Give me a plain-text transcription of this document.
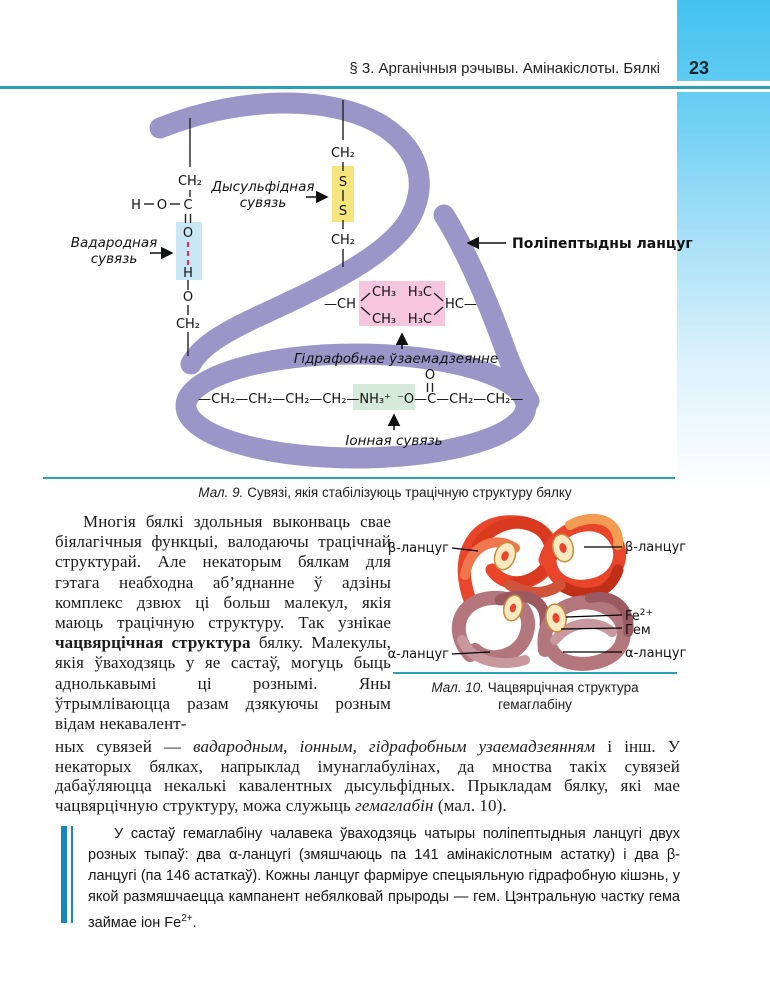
§ 3. Арганічныя рэчывы. Амінакіслоты. Бялкі 23
CH₂
H O C
O
H
O
CH₂
Вадародная
сувязь
CH₂
S
S
CH₂
Дысульфідная
сувязь
Поліпептыдны ланцуг
—CH
CH₃
CH₃
H₃C
H₃C
HC—
Гідрафобнае ўзаемадзеянне
—CH₂—CH₂—CH₂—CH₂—NH₃⁺ ⁻O—C—CH₂—CH₂—
O
Іонная сувязь
Мал. 9. Сувязі, якія стабілізуюць трацічную структуру бялку
Многія бялкі здольныя выконваць свае біялагічныя функцыі, валодаючы трацічнай структурай. Але некаторым бялкам для гэтага неабходна аб’яднанне ў адзіны комплекс дзвюх ці больш малекул, якія маюць трацічную структуру. Так узнікае чацвярцічная структура бялку. Малекулы, якія ўваходзяць у яе састаў, могуць быць аднолькавымі ці рознымі. Яны ўтрымліваюцца разам дзякуючы розным відам некавалент-
β-ланцуг	β-ланцуг
$Fe^{2+}$
Гем
α-ланцуг	α-ланцуг
Мал. 10. Чацвярцічная структура
гемаглабіну
ных сувязей — вадародным, іонным, гідрафобным узаемадзеянням і інш. У некаторых бялках, напрыклад імунаглабулінах, да мноства такіх сувязей дабаўляюцца некалькі кавалентных дысульфідных. Прыкладам бялку, які мае чацвярцічную структуру, можа служыць гемаглабін (мал. 10).
У састаў гемаглабіну чалавека ўваходзяць чатыры поліпептыдныя ланцугі двух розных тыпаў: два α-ланцугі (змяшчаюць па 141 амінакіслотным астатку) і два β-ланцугі (па 146 астаткаў). Кожны ланцуг фарміруе спецыяльную гідрафобную кішэнь, у якой размяшчаецца кампанент небялковай прыроды — гем. Цэнтральную частку гема займае іон $Fe^{2+}$.
